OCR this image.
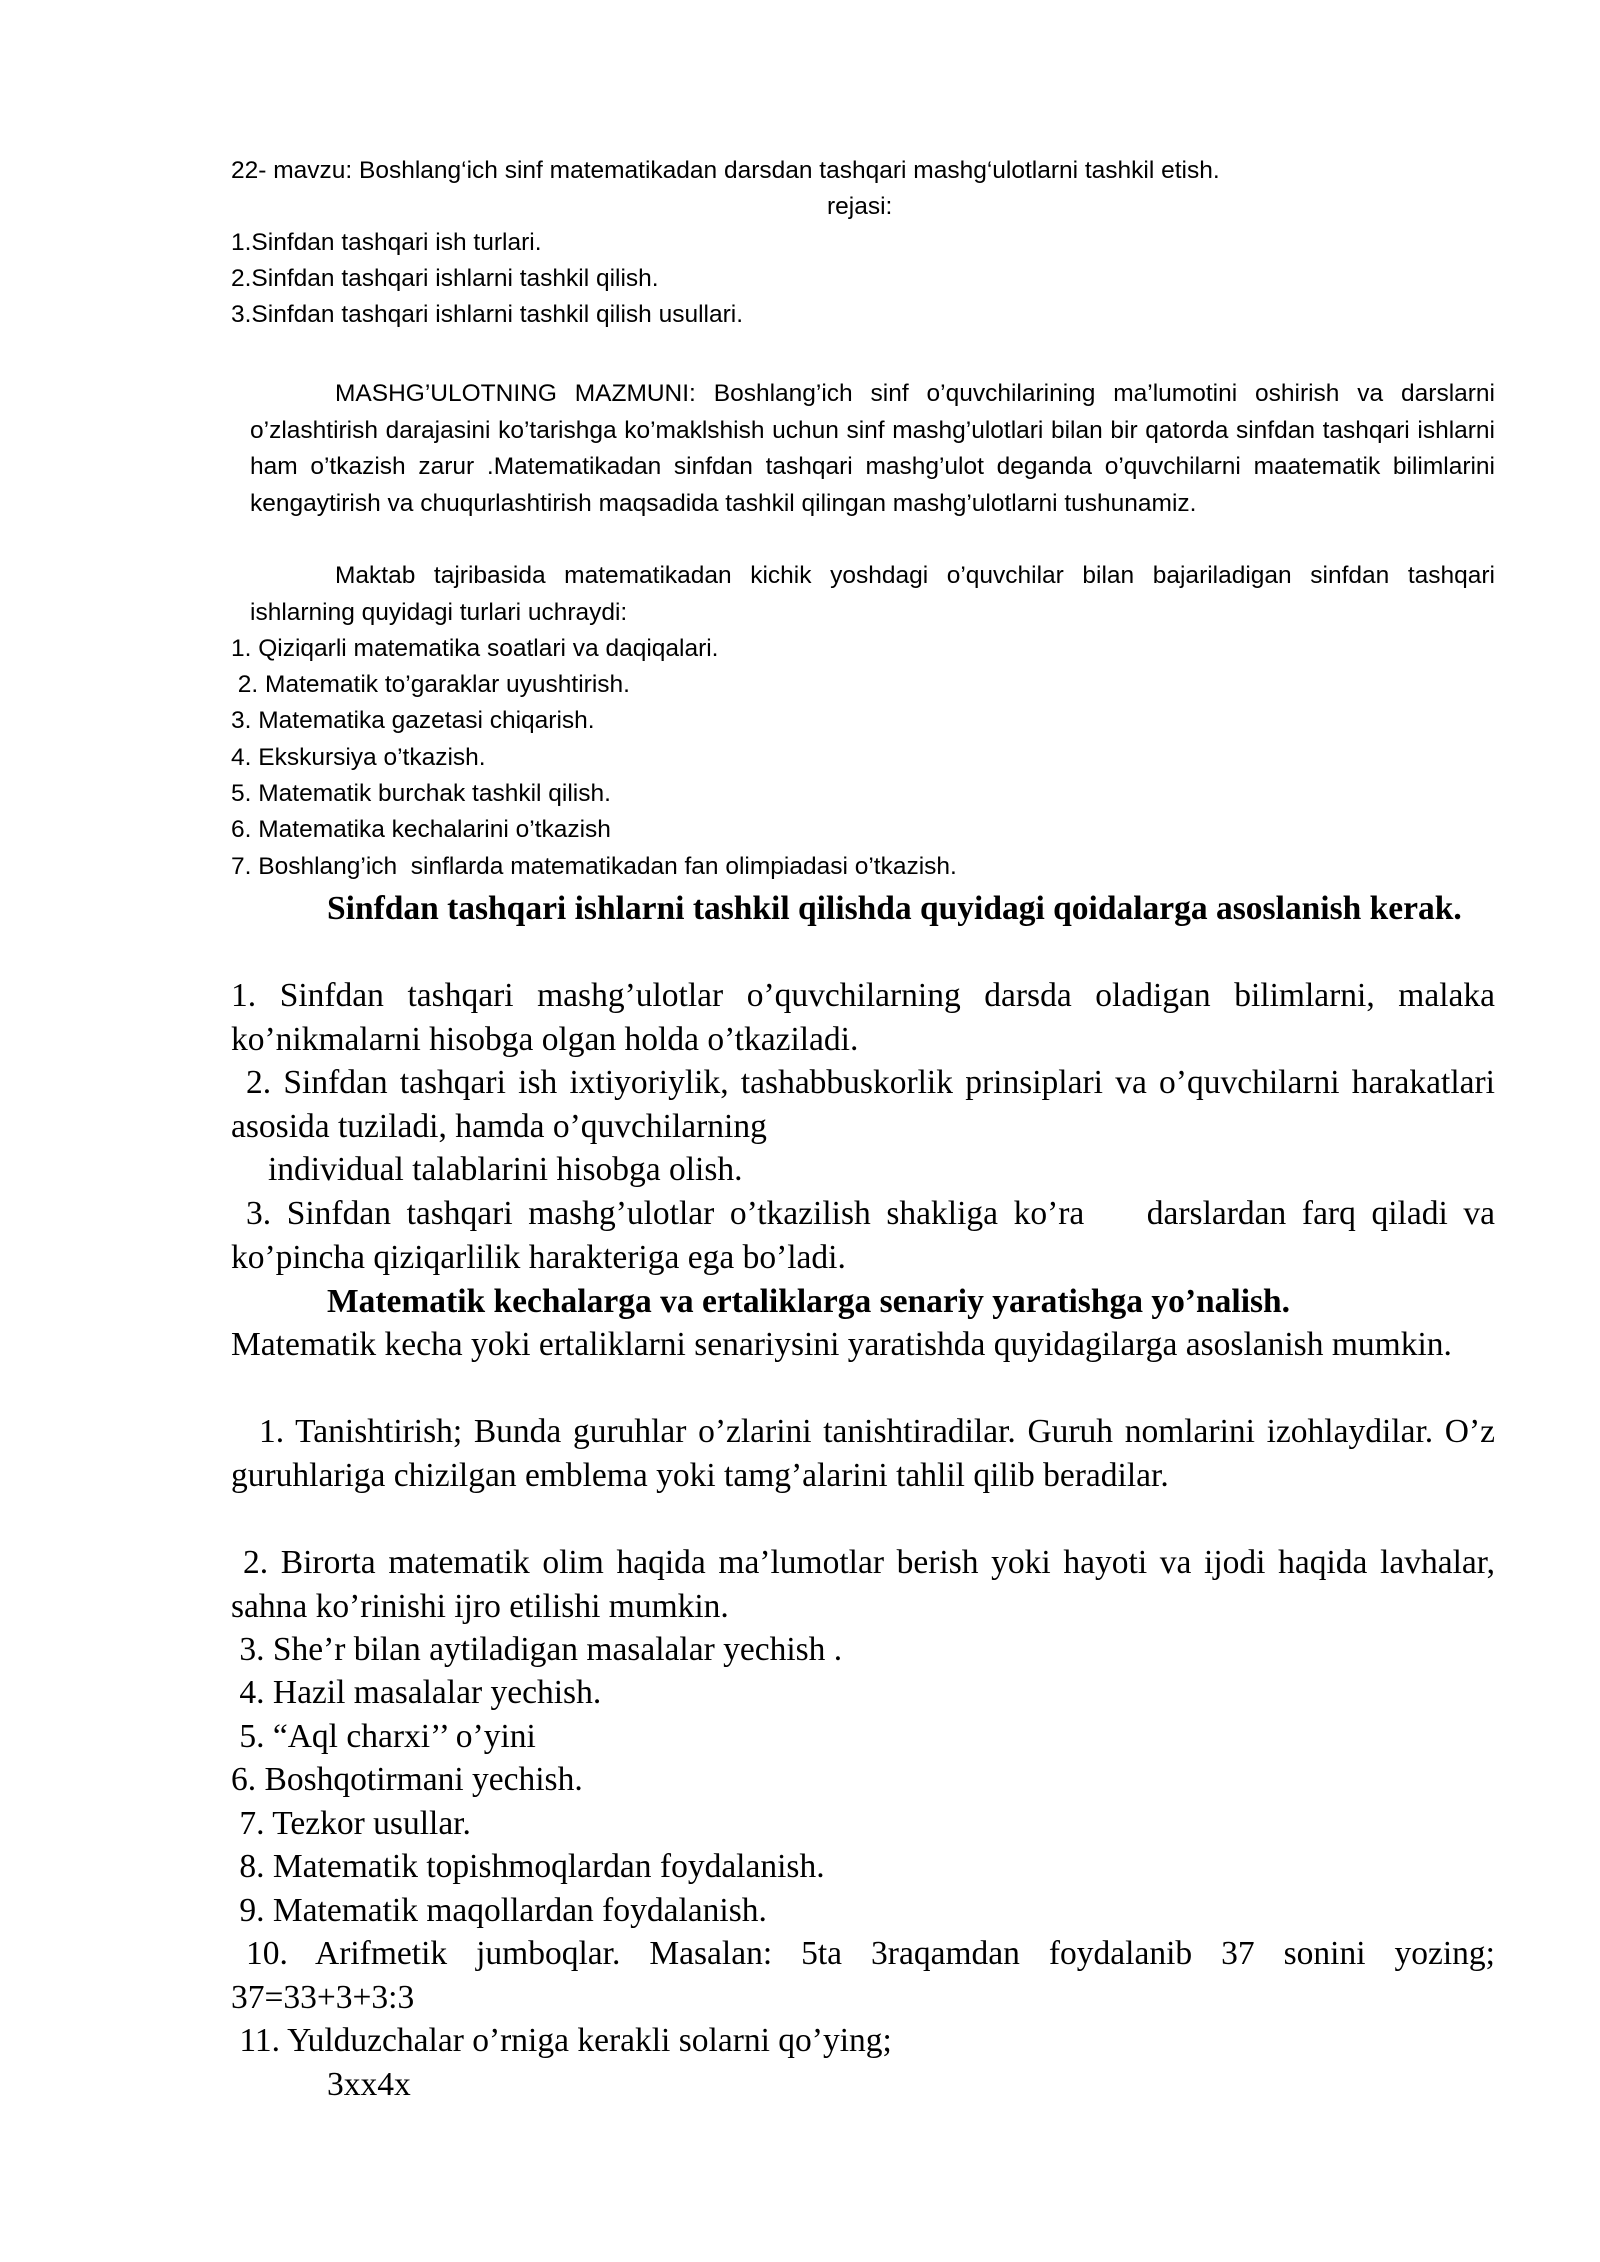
22- mavzu: Boshlang‘ich sinf matematikadan darsdan tashqari mashg‘ulotlarni tashkil etish.
rejasi:
1.Sinfdan tashqari ish turlari.
2.Sinfdan tashqari ishlarni tashkil qilish.
3.Sinfdan tashqari ishlarni tashkil qilish usullari.

MASHG’ULOTNING MAZMUNI: Boshlang’ich sinf o’quvchilarining ma’lumotini oshirish va darslarni o’zlashtirish darajasini ko’tarishga ko’maklshish uchun sinf mashg’ulotlari bilan bir qatorda sinfdan tashqari ishlarni ham o’tkazish zarur .Matematikadan sinfdan tashqari mashg’ulot deganda o’quvchilarni maatematik bilimlarini kengaytirish va chuqurlashtirish maqsadida tashkil qilingan mashg’ulotlarni tushunamiz.

Maktab tajribasida matematikadan kichik yoshdagi o’quvchilar bilan bajariladigan sinfdan tashqari ishlarning quyidagi turlari uchraydi:

1. Qiziqarli matematika soatlari va daqiqalari.
2. Matematik to’garaklar uyushtirish.
3. Matematika gazetasi chiqarish.
4. Ekskursiya o’tkazish.
5. Matematik burchak tashkil qilish.
6. Matematika kechalarini o’tkazish
7. Boshlang’ich  sinflarda matematikadan fan olimpiadasi o’tkazish.

Sinfdan tashqari ishlarni tashkil qilishda quyidagi qoidalarga asoslanish kerak.

1. Sinfdan tashqari mashg’ulotlar o’quvchilarning darsda oladigan bilimlarni, malaka ko’nikmalarni hisobga olgan holda o’tkaziladi.

2. Sinfdan tashqari ish ixtiyoriylik, tashabbuskorlik prinsiplari va o’quvchilarni harakatlari asosida tuziladi, hamda o’quvchilarning

individual talablarini hisobga olish.

3. Sinfdan tashqari mashg’ulotlar o’tkazilish shakliga ko’ra    darslardan farq qiladi va ko’pincha qiziqarlilik harakteriga ega bo’ladi.

Matematik kechalarga va ertaliklarga senariy yaratishga yo’nalish.

Matematik kecha yoki ertaliklarni senariysini yaratishda quyidagilarga asoslanish mumkin.

1. Tanishtirish; Bunda guruhlar o’zlarini tanishtiradilar. Guruh nomlarini izohlaydilar. O’z guruhlariga chizilgan emblema yoki tamg’alarini tahlil qilib beradilar.

2. Birorta matematik olim haqida ma’lumotlar berish yoki hayoti va ijodi haqida lavhalar, sahna ko’rinishi ijro etilishi mumkin.

3. She’r bilan aytiladigan masalalar yechish .
4. Hazil masalalar yechish.
5. “Aql charxi’’ o’yini
6. Boshqotirmani yechish.
7. Tezkor usullar.
8. Matematik topishmoqlardan foydalanish.
9. Matematik maqollardan foydalanish.

10. Arifmetik jumboqlar. Masalan: 5ta 3raqamdan foydalanib 37 sonini yozing; 37=33+3+3:3

11. Yulduzchalar o’rniga kerakli solarni qo’ying;
3xx4x
